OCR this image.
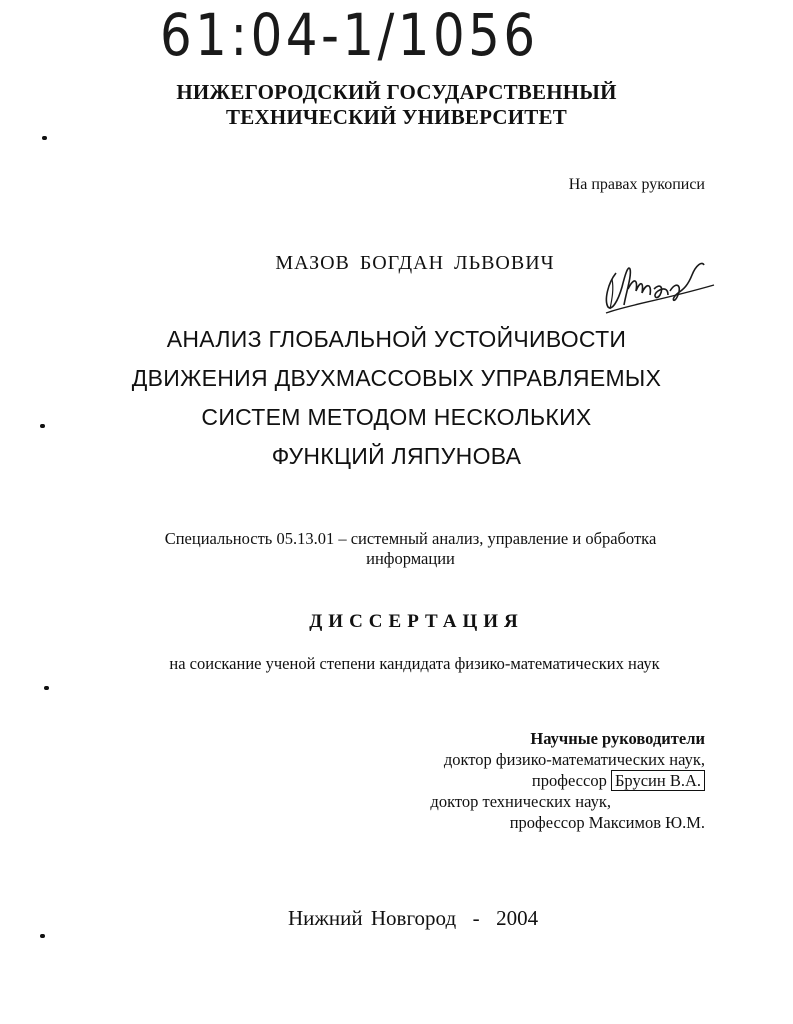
61:04-1/1056
НИЖЕГОРОДСКИЙ ГОСУДАРСТВЕННЫЙ
ТЕХНИЧЕСКИЙ УНИВЕРСИТЕТ
На правах рукописи
МАЗОВ БОГДАН ЛЬВОВИЧ
АНАЛИЗ ГЛОБАЛЬНОЙ УСТОЙЧИВОСТИ
ДВИЖЕНИЯ ДВУХМАССОВЫХ УПРАВЛЯЕМЫХ
СИСТЕМ МЕТОДОМ НЕСКОЛЬКИХ
ФУНКЦИЙ ЛЯПУНОВА
Специальность 05.13.01 – системный анализ, управление и обработка
информации
ДИССЕРТАЦИЯ
на соискание ученой степени кандидата физико-математических наук
Научные руководители
доктор физико-математических наук,
профессор Брусин В.А.
доктор технических наук,
профессор Максимов Ю.М.
Нижний Новгород  -  2004
